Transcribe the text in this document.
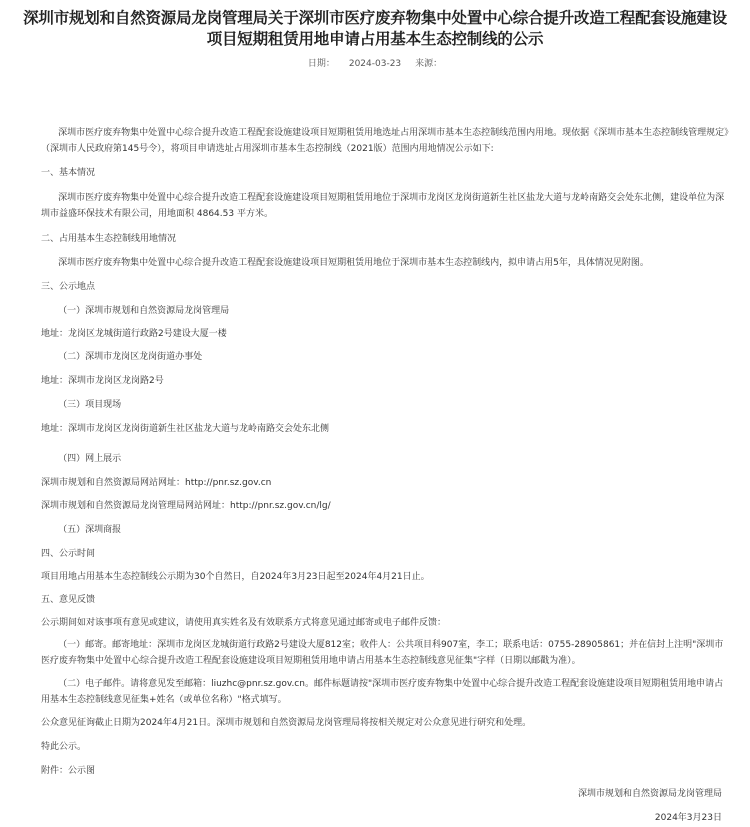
深圳市规划和自然资源局龙岗管理局关于深圳市医疗废弃物集中处置中心综合提升改造工程配套设施建设项目短期租赁用地申请占用基本生态控制线的公示
日期： 2024-03-23 来源：

深圳市医疗废弃物集中处置中心综合提升改造工程配套设施建设项目短期租赁用地选址占用深圳市基本生态控制线范围内用地。现依据《深圳市基本生态控制线管理规定》（深圳市人民政府第145号令），将项目申请选址占用深圳市基本生态控制线（2021版）范围内用地情况公示如下:

一、基本情况

深圳市医疗废弃物集中处置中心综合提升改造工程配套设施建设项目短期租赁用地位于深圳市龙岗区龙岗街道新生社区盐龙大道与龙岭南路交会处东北侧，建设单位为深圳市益盛环保技术有限公司，用地面积 4864.53 平方米。

二、占用基本生态控制线用地情况

深圳市医疗废弃物集中处置中心综合提升改造工程配套设施建设项目短期租赁用地位于深圳市基本生态控制线内，拟申请占用5年，具体情况见附图。

三、公示地点

（一）深圳市规划和自然资源局龙岗管理局

地址：龙岗区龙城街道行政路2号建设大厦一楼

（二）深圳市龙岗区龙岗街道办事处

地址：深圳市龙岗区龙岗路2号

（三）项目现场

地址：深圳市龙岗区龙岗街道新生社区盐龙大道与龙岭南路交会处东北侧

（四）网上展示

深圳市规划和自然资源局网站网址：http://pnr.sz.gov.cn

深圳市规划和自然资源局龙岗管理局网站网址：http://pnr.sz.gov.cn/lg/

（五）深圳商报

四、公示时间

项目用地占用基本生态控制线公示期为30个自然日，自2024年3月23日起至2024年4月21日止。

五、意见反馈

公示期间如对该事项有意见或建议，请使用真实姓名及有效联系方式将意见通过邮寄或电子邮件反馈：

（一）邮寄。邮寄地址：深圳市龙岗区龙城街道行政路2号建设大厦812室；收件人：公共项目科907室，李工；联系电话：0755-28905861；并在信封上注明"深圳市医疗废弃物集中处置中心综合提升改造工程配套设施建设项目短期租赁用地申请占用基本生态控制线意见征集"字样（日期以邮戳为准）。

（二）电子邮件。请将意见发至邮箱：liuzhc@pnr.sz.gov.cn。邮件标题请按"深圳市医疗废弃物集中处置中心综合提升改造工程配套设施建设项目短期租赁用地申请占用基本生态控制线意见征集+姓名（或单位名称）"格式填写。

公众意见征询截止日期为2024年4月21日。深圳市规划和自然资源局龙岗管理局将按相关规定对公众意见进行研究和处理。

特此公示。

附件：公示图

深圳市规划和自然资源局龙岗管理局
2024年3月23日
